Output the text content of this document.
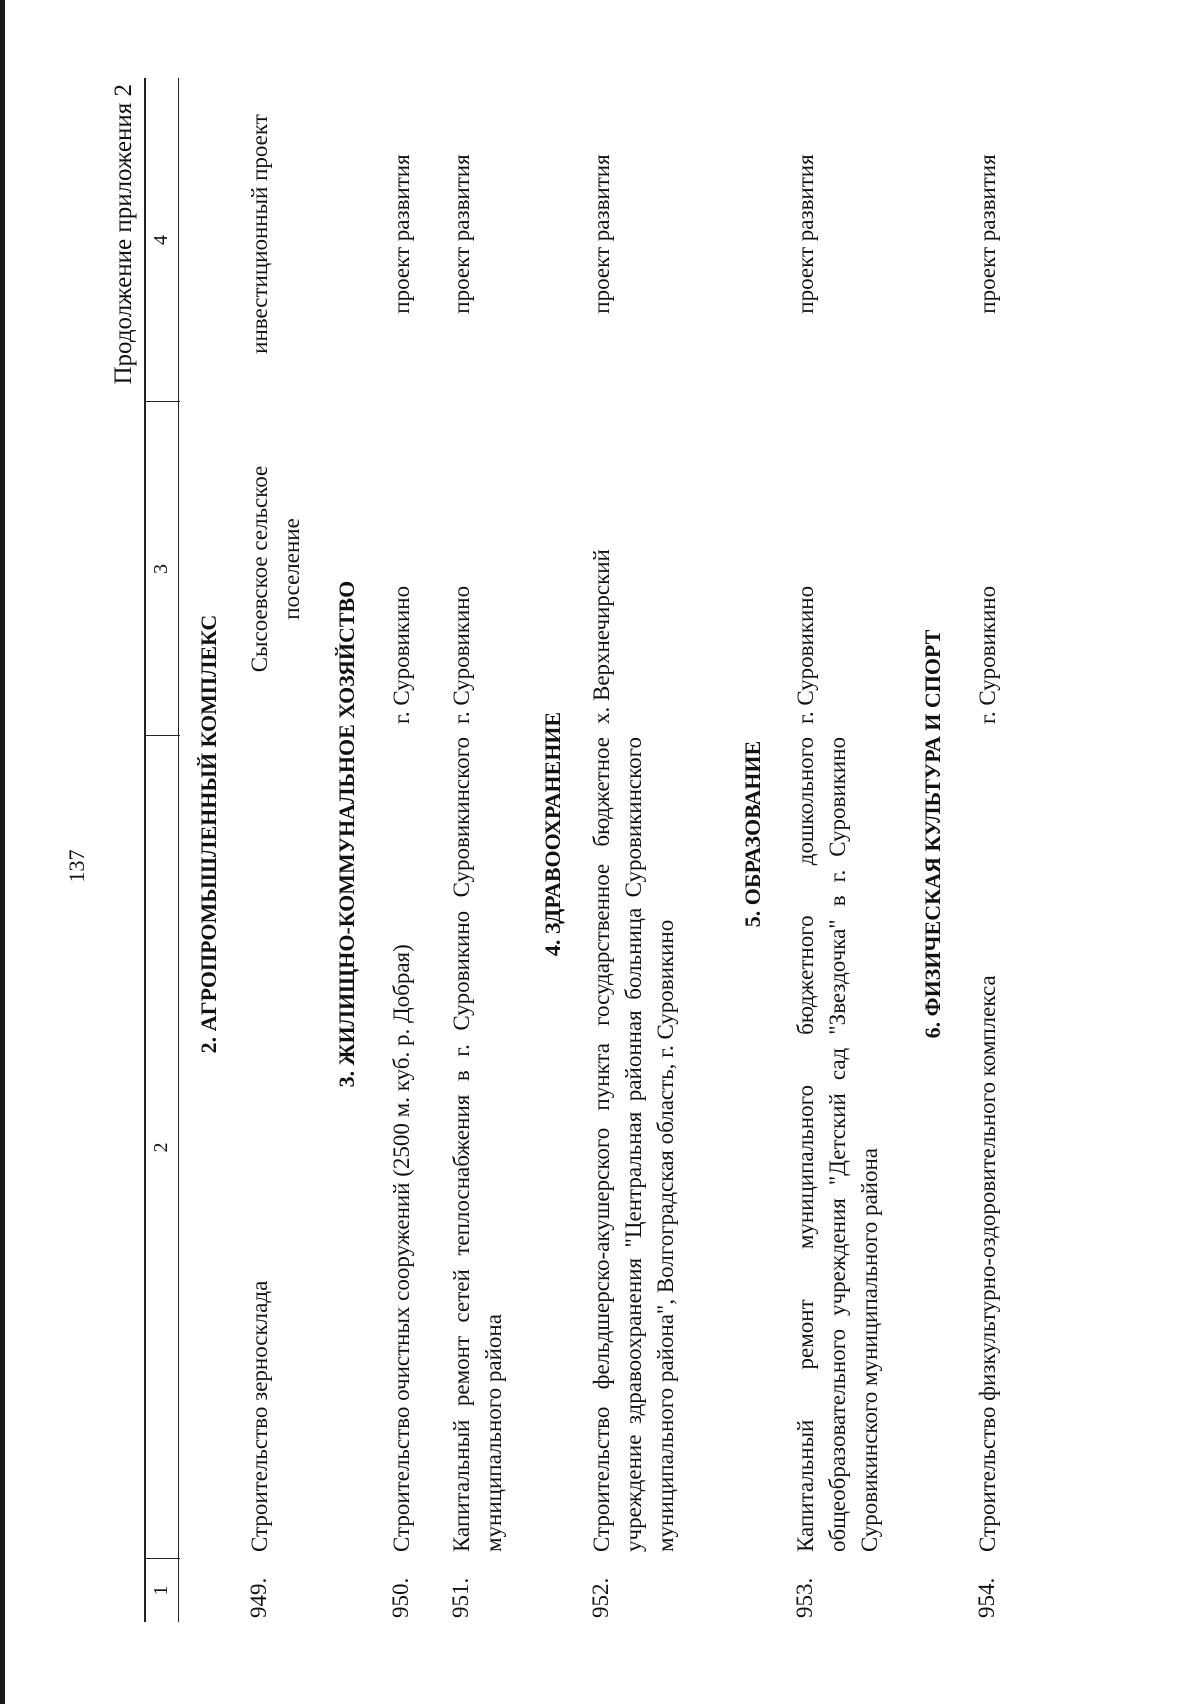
137
Продолжение приложения 2
1
2
3
4
2. АГРОПРОМЫШЛЕННЫЙ КОМПЛЕКС
949.
Строительство зерносклада
Сысоевское сельское поселение
инвестиционный проект
3. ЖИЛИЩНО-КОММУНАЛЬНОЕ ХОЗЯЙСТВО
950.
Строительство очистных сооружений (2500 м. куб. р. Добрая)
г. Суровикино
проект развития
951.
Капитальный ремонт сетей теплоснабжения в г. Суровикино Суровикинского муниципального района
г. Суровикино
проект развития
4. ЗДРАВООХРАНЕНИЕ
952.
Строительство фельдшерско-акушерского пункта государственное бюджетное учреждение здравоохранения "Центральная районная больница Суровикинского муниципального района", Волгоградская область, г. Суровикино
х. Верхнечирский
проект развития
5. ОБРАЗОВАНИЕ
953.
Капитальный ремонт муниципального бюджетного дошкольного общеобразовательного учреждения "Детский сад "Звездочка" в г. Суровикино Суровикинского муниципального района
г. Суровикино
проект развития
6. ФИЗИЧЕСКАЯ КУЛЬТУРА И СПОРТ
954.
Строительство физкультурно-оздоровительного комплекса
г. Суровикино
проект развития
